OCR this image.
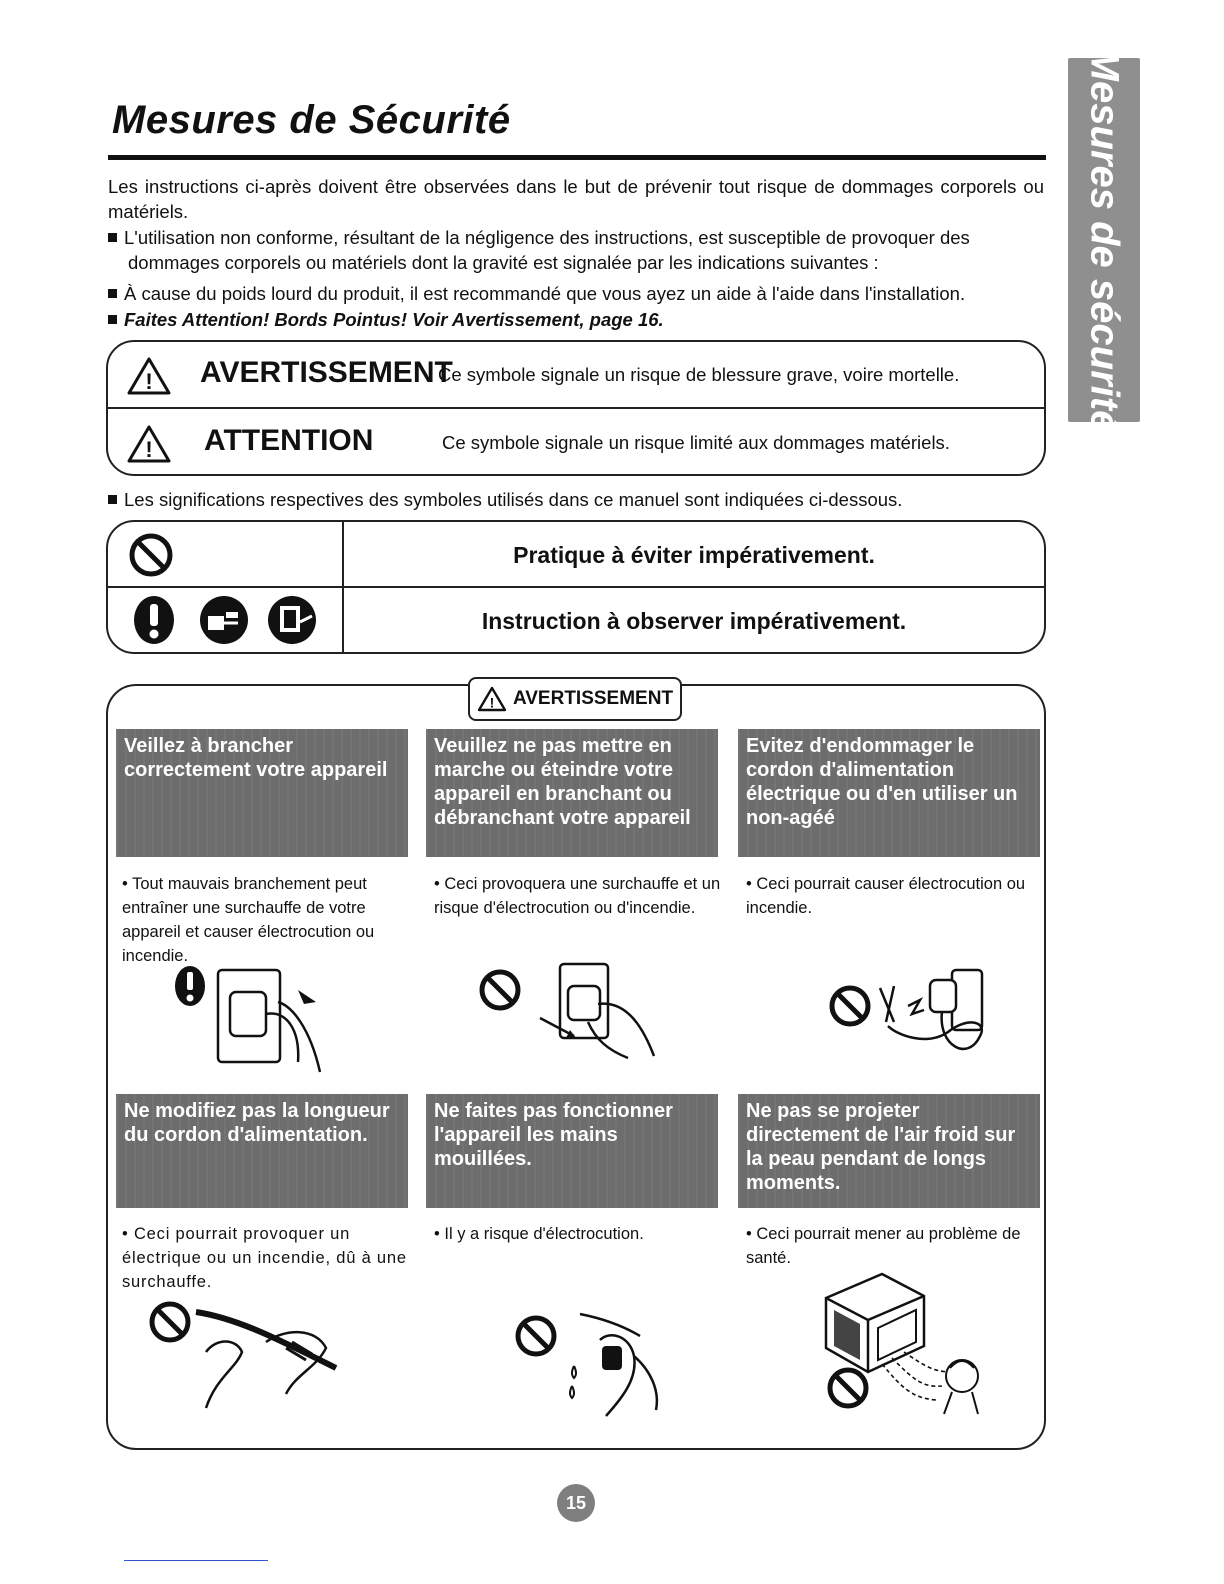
Mesures de Sécurité	Mesures de sécurité
Les instructions ci-après doivent être observées dans le but de prévenir tout risque de dommages corporels ou matériels.
L'utilisation non conforme, résultant de la négligence des instructions, est susceptible de provoquer des
dommages corporels ou matériels dont la gravité est signalée par les indications suivantes :
À cause du poids lourd du produit, il est recommandé que vous ayez un aide à l'aide dans l'installation.
Faites Attention! Bords Pointus! Voir Avertissement, page 16.
! AVERTISSEMENT
Ce symbole signale un risque de blessure grave, voire mortelle.
! ATTENTION	Ce symbole signale un risque limité aux dommages matériels.
Les significations respectives des symboles utilisés dans ce manuel sont indiquées ci-dessous.
Pratique à éviter impérativement.
Instruction à observer impérativement.
! AVERTISSEMENT
Veillez à brancher correctement votre appareil
Veuillez ne pas mettre en marche ou éteindre votre appareil en branchant ou débranchant votre appareil
Evitez d'endommager le cordon d'alimentation électrique ou d'en utiliser un non-agéé
• Tout mauvais branchement peut entraîner une surchauffe de votre appareil et causer électrocution ou incendie.
• Ceci provoquera une surchauffe et un risque d'électrocution ou d'incendie.
• Ceci pourrait causer électrocution ou incendie.
Ne modifiez pas la longueur du cordon d'alimentation.
Ne faites pas fonctionner l'appareil les mains mouillées.
Ne pas se projeter directement de l'air froid sur la peau pendant de longs moments.
• Ceci pourrait provoquer un électrique ou un incendie, dû à une surchauffe.
• Il y a risque d'électrocution.	• Ceci pourrait mener au problème de santé.
15
